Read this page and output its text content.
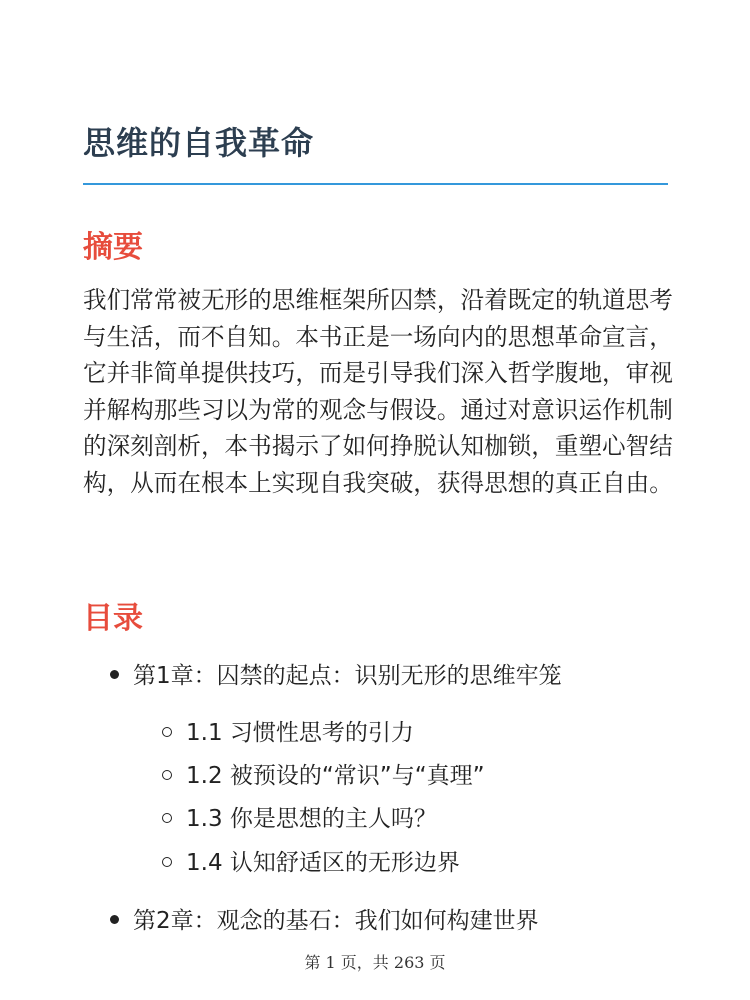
思维的自我革命
摘要

我们常常被无形的思维框架所囚禁，沿着既定的轨道思考与生活，而不自知。本书正是一场向内的思想革命宣言，它并非简单提供技巧，而是引导我们深入哲学腹地，审视并解构那些习以为常的观念与假设。通过对意识运作机制的深刻剖析，本书揭示了如何挣脱认知枷锁，重塑心智结构，从而在根本上实现自我突破，获得思想的真正自由。

目录
第1章：囚禁的起点：识别无形的思维牢笼
1.1 习惯性思考的引力
1.2 被预设的“常识”与“真理”
1.3 你是思想的主人吗？
1.4 认知舒适区的无形边界
第2章：观念的基石：我们如何构建世界
第 1 页，共 263 页
